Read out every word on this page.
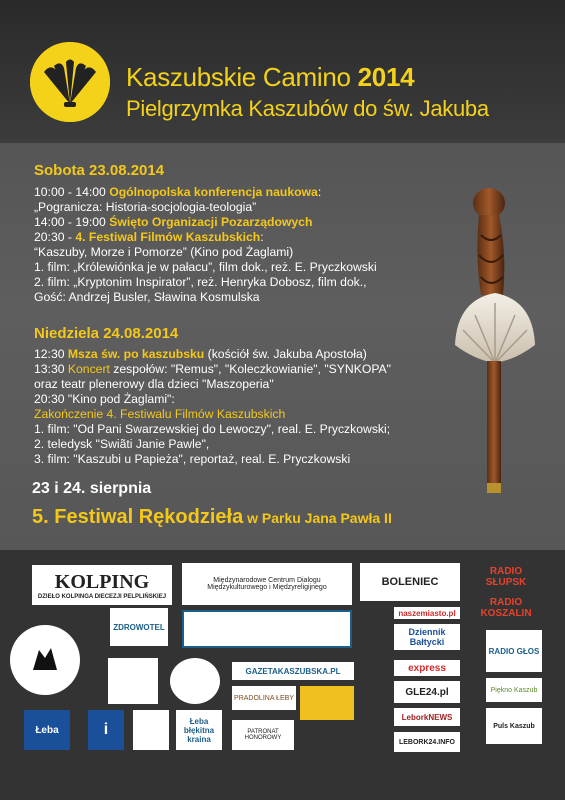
Kaszubskie Camino 2014
Pielgrzymka Kaszubów do św. Jakuba
Sobota 23.08.2014
10:00 - 14:00 Ogólnopolska konferencja naukowa:
„Pogranicza: Historia-socjologia-teologia”
14:00 - 19:00 Święto Organizacji Pozarządowych
20:30 - 4. Festiwal Filmów Kaszubskich:
“Kaszuby, Morze i Pomorze” (Kino pod Żaglami)
1. film: „Królewiónka je w pałacu”, film dok., reż. E. Pryczkowski
2. film: „Kryptonim Inspirator”, reż. Henryka Dobosz, film dok.,
Gość: Andrzej Busler, Sławina Kosmulska
Niedziela 24.08.2014
12:30 Msza św. po kaszubsku (kościół św. Jakuba Apostoła)
13:30 Koncert zespołów: "Remus", "Koleczkowianie", "SYNKOPA"
oraz teatr plenerowy dla dzieci "Maszoperia"
20:30 "Kino pod Żaglami":
Zakończenie 4. Festiwalu Filmów Kaszubskich
1. film: "Od Pani Swarzewskiej do Lewoczy", real. E. Pryczkowski;
2. teledysk "Swiãti Janie Pawle",
3. film: "Kaszubi u Papieża", reportaż, real. E. Pryczkowski
23 i 24. sierpnia
5. Festiwal Rękodzieła w Parku Jana Pawła II
KOLPING
DZIEŁO KOLPINGA DIECEZJI PELPLIŃSKIEJ
Międzynarodowe Centrum Dialogu Międzykulturowego i Międzyreligijnego	BOLENIEC
RADIO SŁUPSK
RADIO KOSZALIN
ZDROWOTEL
naszemiasto.pl
Dziennik Bałtycki
RADIO GŁOS
GAZETAKASZUBSKA.PL	express
GLE24.pl	Piękno Kaszub
PRADOLINA ŁEBY
LeborkNEWS
Puls Kaszub
Łeba	i	Łeba błękitna kraina
PATRONAT HONOROWY
LEBORK24.INFO
